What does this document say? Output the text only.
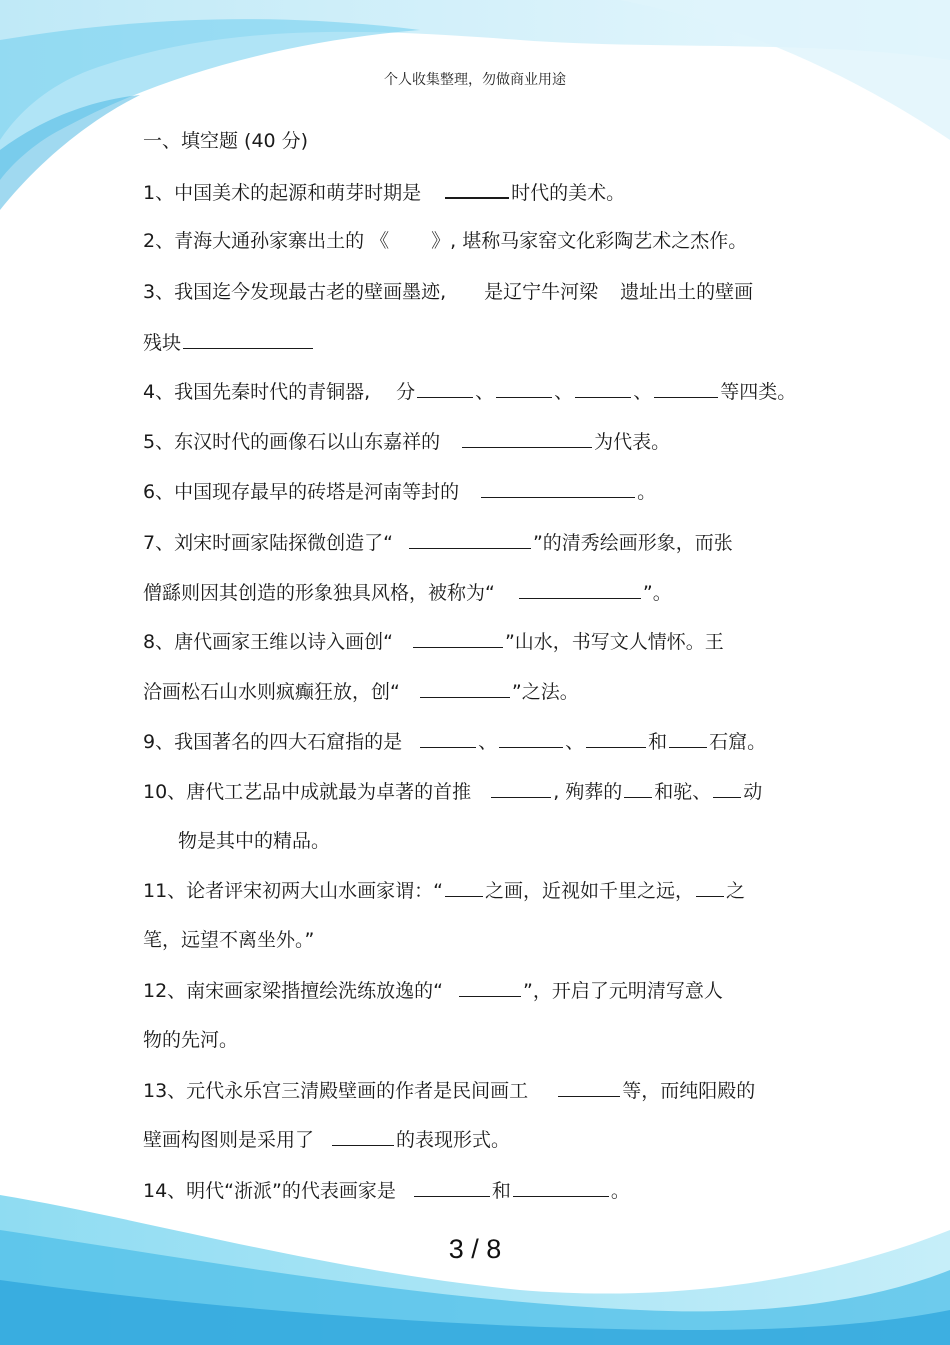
个人收集整理，勿做商业用途
一、填空题 (40 分)
1、中国美术的起源和萌芽时期是	时代的美术。
2、青海大通孙家寨出土的 《 》, 堪称马家窑文化彩陶艺术之杰作。
3、我国迄今发现最古老的壁画墨迹, 是辽宁牛河梁 遗址出土的壁画
残块
4、我国先秦时代的青铜器, 分	、	、	、	等四类。
5、东汉时代的画像石以山东嘉祥的	为代表。
6、中国现存最早的砖塔是河南等封的	。
7、刘宋时画家陆探微创造了“	”的清秀绘画形象，而张
僧繇则因其创造的形象独具风格，被称为“	”。
8、唐代画家王维以诗入画创“	”山水，书写文人情怀。王
洽画松石山水则疯癫狂放，创“	”之法。
9、我国著名的四大石窟指的是	、	、	和 石窟。
10、唐代工艺品中成就最为卓著的首推	, 殉葬的 和驼、 动
物是其中的精品。
11、论者评宋初两大山水画家谓：“ 之画，近视如千里之远， 之
笔，远望不离坐外。”
12、南宋画家梁揩擅绘洗练放逸的“	”，开启了元明清写意人
物的先河。
13、元代永乐宫三清殿壁画的作者是民间画工	等，而纯阳殿的
壁画构图则是采用了	的表现形式。
14、明代“浙派”的代表画家是	和	。
3 / 8
